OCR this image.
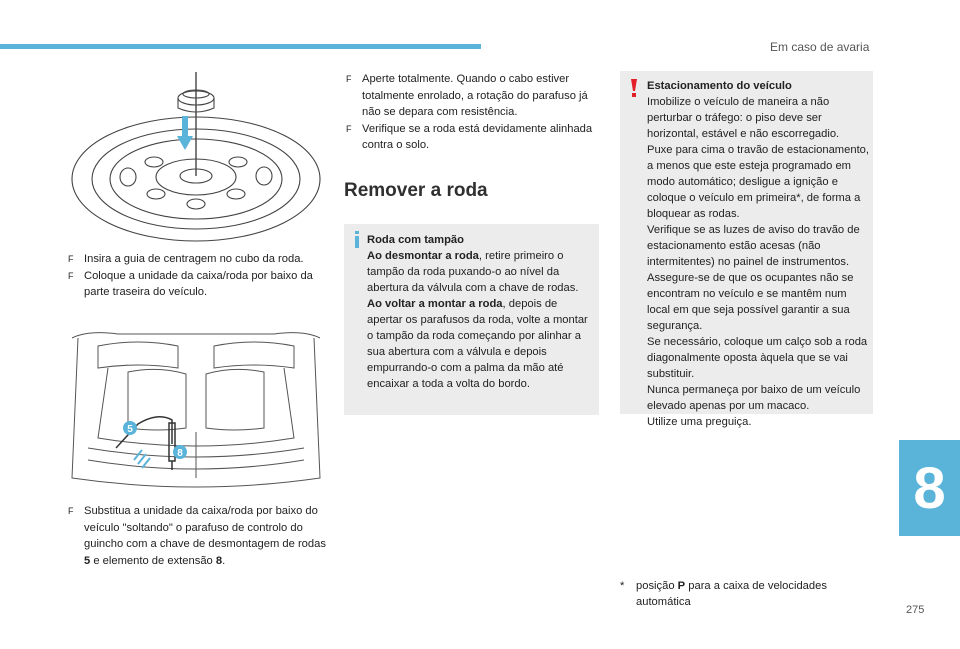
Em caso de avaria
F Insira a guia de centragem no cubo da roda.
F Coloque a unidade da caixa/roda por baixo da parte traseira do veículo.
5
8
F Substitua a unidade da caixa/roda por baixo do veículo "soltando" o parafuso de controlo do guincho com a chave de desmontagem de rodas 5 e elemento de extensão 8.
F Aperte totalmente. Quando o cabo estiver totalmente enrolado, a rotação do parafuso já não se depara com resistência.
F Verifique se a roda está devidamente alinhada contra o solo.
Remover a roda
Roda com tampão
Ao desmontar a roda, retire primeiro o tampão da roda puxando-o ao nível da abertura da válvula com a chave de rodas.
Ao voltar a montar a roda, depois de apertar os parafusos da roda, volte a montar o tampão da roda começando por alinhar a sua abertura com a válvula e depois empurrando-o com a palma da mão até encaixar a toda a volta do bordo.
Estacionamento do veículo
Imobilize o veículo de maneira a não perturbar o tráfego: o piso deve ser horizontal, estável e não escorregadio.
Puxe para cima o travão de estacionamento, a menos que este esteja programado em modo automático; desligue a ignição e coloque o veículo em primeira*, de forma a bloquear as rodas.
Verifique se as luzes de aviso do travão de estacionamento estão acesas (não intermitentes) no painel de instrumentos.
Assegure-se de que os ocupantes não se encontram no veículo e se mantêm num local em que seja possível garantir a sua segurança.
Se necessário, coloque um calço sob a roda diagonalmente oposta àquela que se vai substituir.
Nunca permaneça por baixo de um veículo elevado apenas por um macaco.
Utilize uma preguiça.
*	posição P para a caixa de velocidades automática
8
275
